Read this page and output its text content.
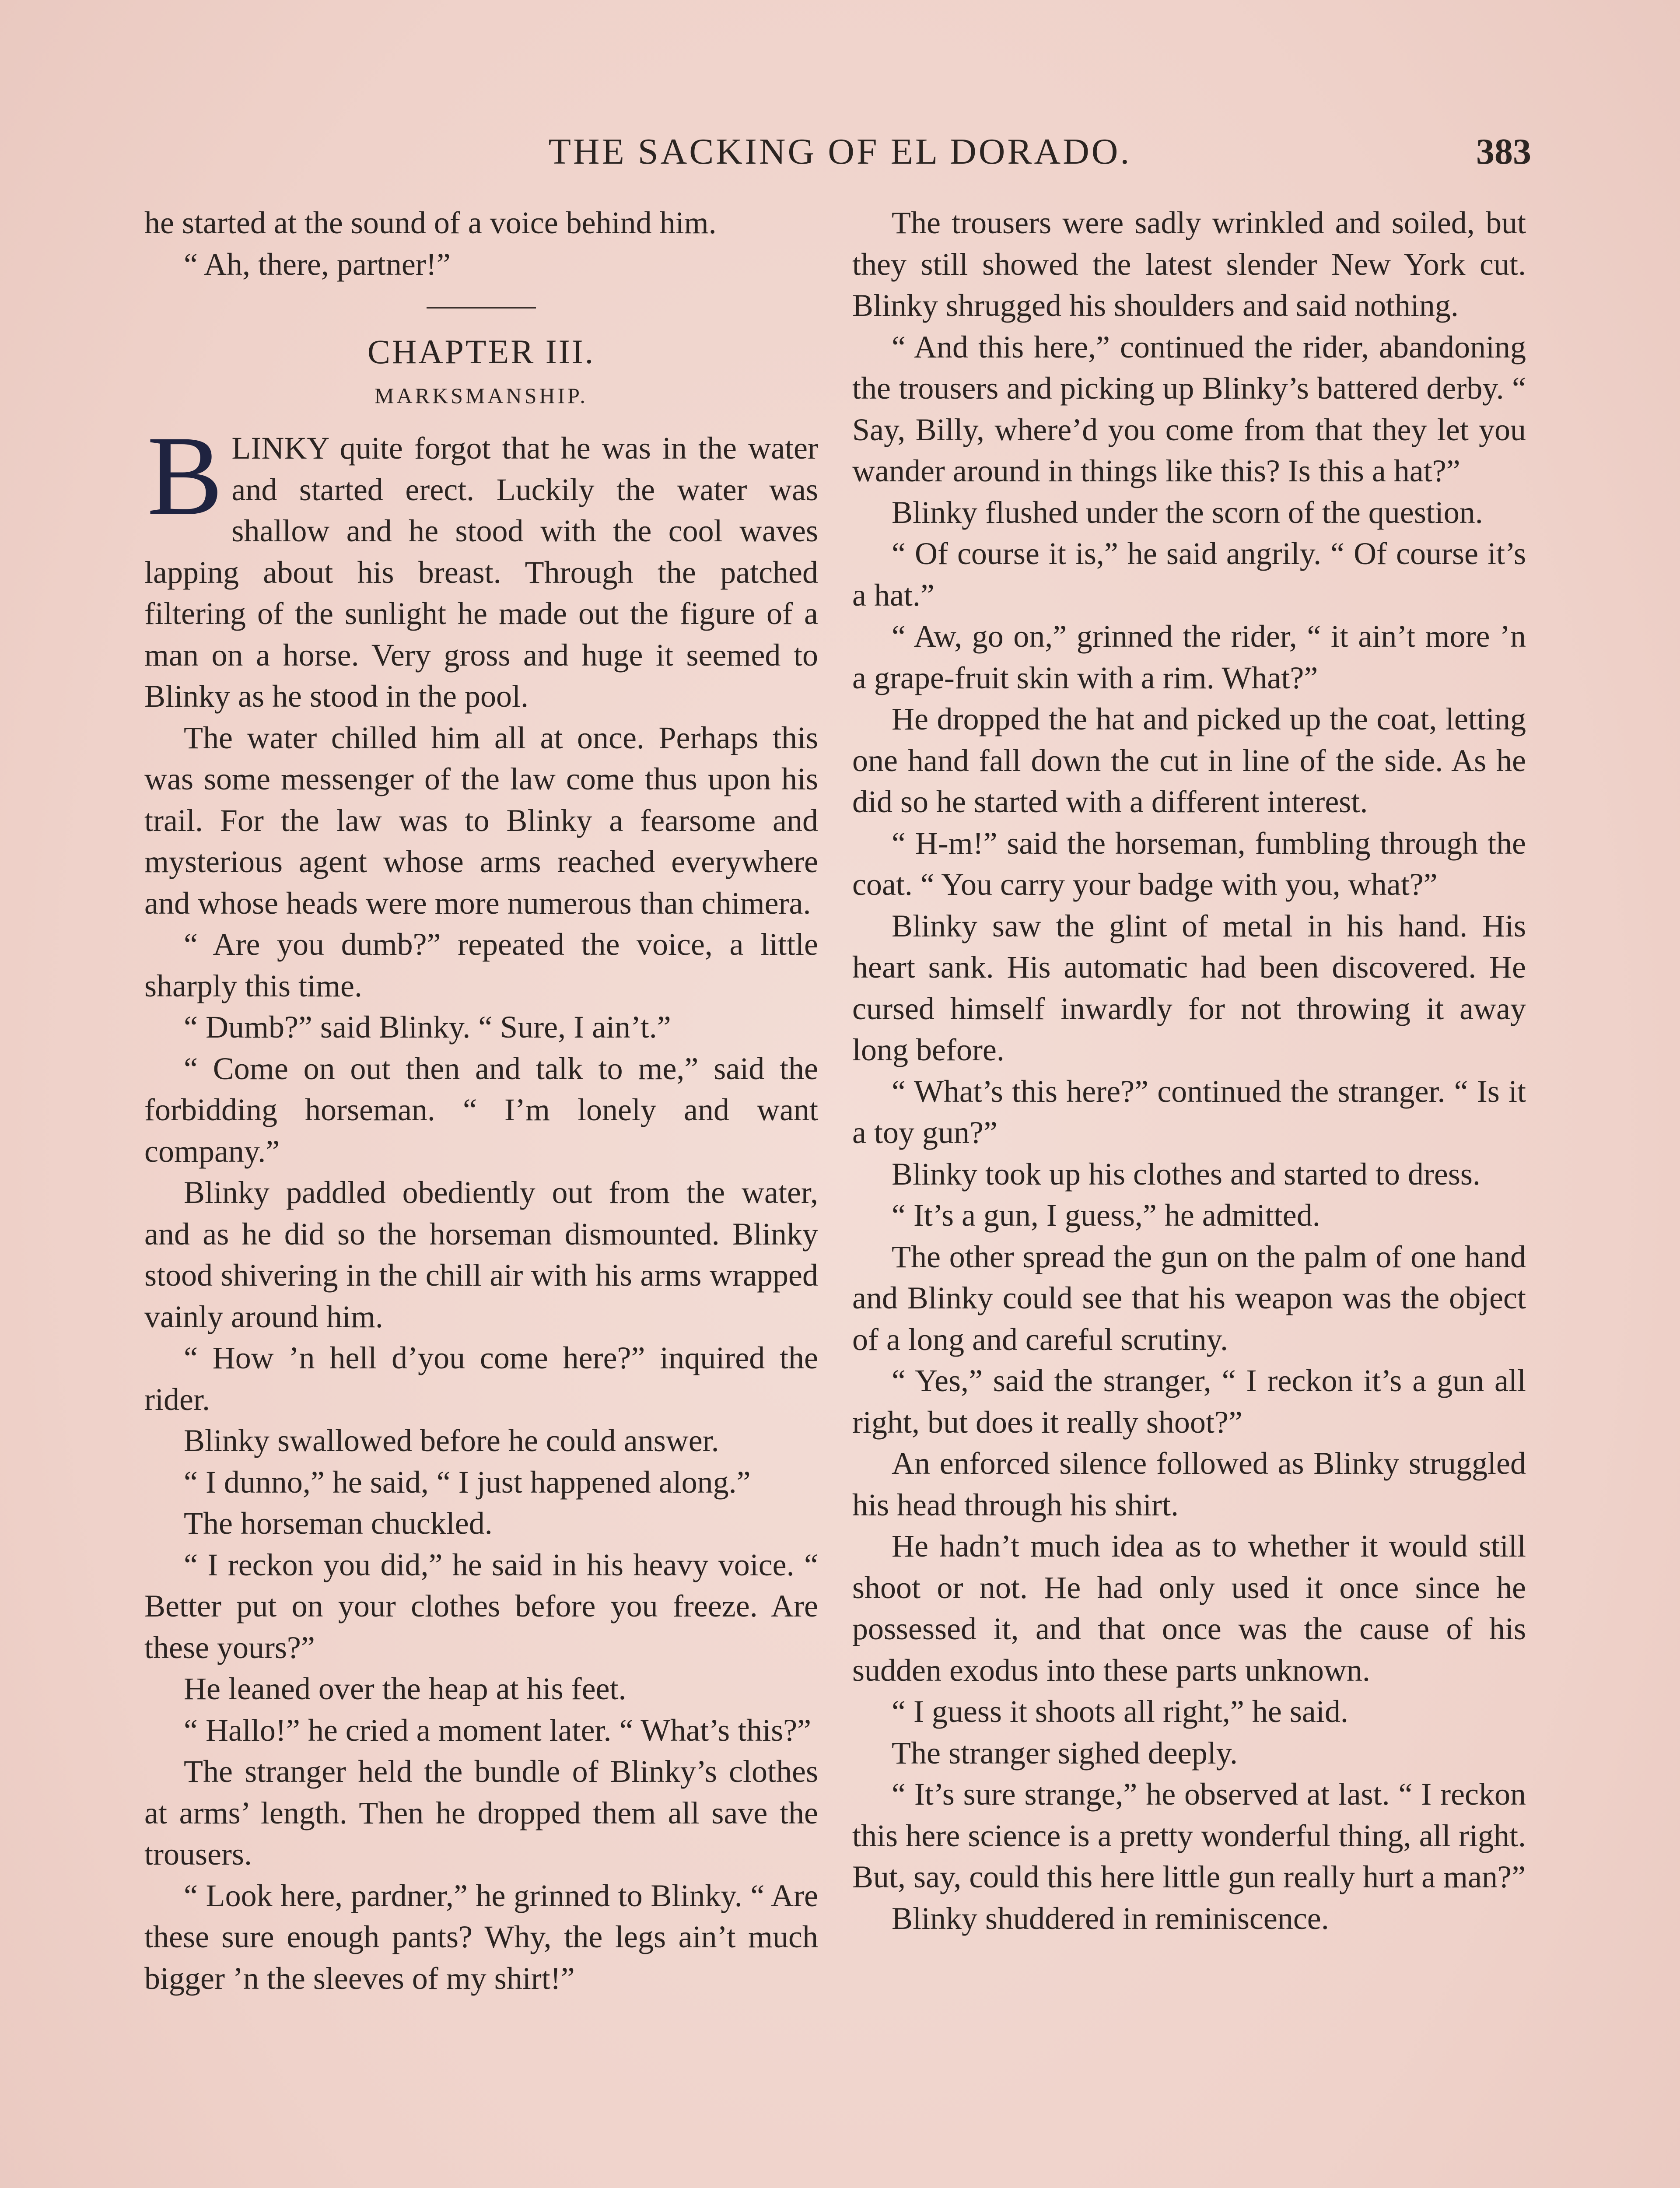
THE SACKING OF EL DORADO.	383

he started at the sound of a voice behind him.

“ Ah, there, partner!”

CHAPTER III.
MARKSMANSHIP.

BLINKY quite forgot that he was in the water and started erect. Luckily the water was shallow and he stood with the cool waves lapping about his breast. Through the patched filtering of the sunlight he made out the figure of a man on a horse. Very gross and huge it seemed to Blinky as he stood in the pool.

The water chilled him all at once. Perhaps this was some messenger of the law come thus upon his trail. For the law was to Blinky a fearsome and mysterious agent whose arms reached everywhere and whose heads were more numerous than chimera.

“ Are you dumb?” repeated the voice, a little sharply this time.

“ Dumb?” said Blinky. “ Sure, I ain’t.”

“ Come on out then and talk to me,” said the forbidding horseman. “ I’m lonely and want company.”

Blinky paddled obediently out from the water, and as he did so the horseman dismounted. Blinky stood shivering in the chill air with his arms wrapped vainly around him.

“ How ’n hell d’you come here?” inquired the rider.

Blinky swallowed before he could answer.

“ I dunno,” he said, “ I just happened along.”

The horseman chuckled.

“ I reckon you did,” he said in his heavy voice. “ Better put on your clothes before you freeze. Are these yours?”

He leaned over the heap at his feet.

“ Hallo!” he cried a moment later. “ What’s this?”

The stranger held the bundle of Blinky’s clothes at arms’ length. Then he dropped them all save the trousers.

“ Look here, pardner,” he grinned to Blinky. “ Are these sure enough pants? Why, the legs ain’t much bigger ’n the sleeves of my shirt!”

The trousers were sadly wrinkled and soiled, but they still showed the latest slender New York cut. Blinky shrugged his shoulders and said nothing.

“ And this here,” continued the rider, abandoning the trousers and picking up Blinky’s battered derby. “ Say, Billy, where’d you come from that they let you wander around in things like this? Is this a hat?”

Blinky flushed under the scorn of the question.

“ Of course it is,” he said angrily. “ Of course it’s a hat.”

“ Aw, go on,” grinned the rider, “ it ain’t more ’n a grape-fruit skin with a rim. What?”

He dropped the hat and picked up the coat, letting one hand fall down the cut in line of the side. As he did so he started with a different interest.

“ H-m!” said the horseman, fumbling through the coat. “ You carry your badge with you, what?”

Blinky saw the glint of metal in his hand. His heart sank. His automatic had been discovered. He cursed himself inwardly for not throwing it away long before.

“ What’s this here?” continued the stranger. “ Is it a toy gun?”

Blinky took up his clothes and started to dress.

“ It’s a gun, I guess,” he admitted.

The other spread the gun on the palm of one hand and Blinky could see that his weapon was the object of a long and careful scrutiny.

“ Yes,” said the stranger, “ I reckon it’s a gun all right, but does it really shoot?”

An enforced silence followed as Blinky struggled his head through his shirt.

He hadn’t much idea as to whether it would still shoot or not. He had only used it once since he possessed it, and that once was the cause of his sudden exodus into these parts unknown.

“ I guess it shoots all right,” he said.

The stranger sighed deeply.

“ It’s sure strange,” he observed at last. “ I reckon this here science is a pretty wonderful thing, all right. But, say, could this here little gun really hurt a man?”

Blinky shuddered in reminiscence.
